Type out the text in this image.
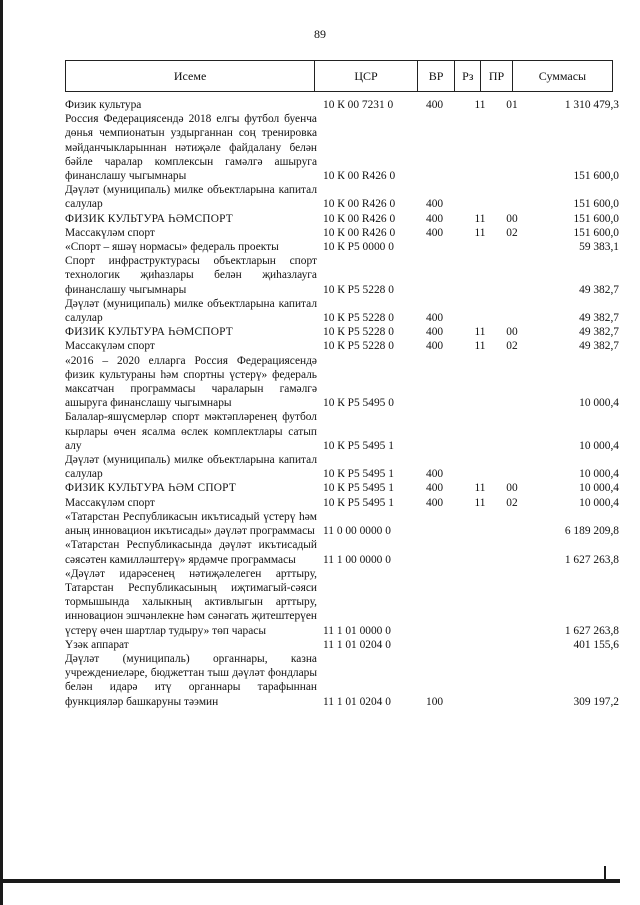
89
Исеме	ЦСР	ВР	Рз	ПР	Суммасы
Физик культура	10 К 00 7231 0	400	11	01	1 310 479,3
Россия Федерациясендә 2018 елгы футбол буенча дөнья чемпионатын уздырганнан соң тренировка мәйданчыкларыннан нәтиҗәле файдалану белән бәйле чаралар комплексын гамәлгә ашыруга финанслашу чыгымнары	10 К 00 R426 0				151 600,0
Дәүләт (муниципаль) милке объектларына капитал салулар	10 К 00 R426 0	400			151 600,0
ФИЗИК КУЛЬТУРА ҺӘМСПОРТ	10 К 00 R426 0	400	11	00	151 600,0
Массакүләм спорт	10 К 00 R426 0	400	11	02	151 600,0
«Спорт – яшәү нормасы» федераль проекты	10 К Р5 0000 0				59 383,1
Спорт инфраструктурасы объектларын спорт технологик җиһазлары белән җиһазлауга финанслашу чыгымнары	10 К Р5 5228 0				49 382,7
Дәүләт (муниципаль) милке объектларына капитал салулар	10 К Р5 5228 0	400			49 382,7
ФИЗИК КУЛЬТУРА ҺӘМСПОРТ	10 К Р5 5228 0	400	11	00	49 382,7
Массакүләм спорт	10 К Р5 5228 0	400	11	02	49 382,7
«2016 – 2020 елларга Россия Федерациясендә физик культураны һәм спортны үстерү» федераль максатчан программасы чараларын гамәлгә ашыруга финанслашу чыгымнары	10 К Р5 5495 0				10 000,4
Балалар-яшүсмерләр спорт мәктәпләренең футбол кырлары өчен ясалма өслек комплектлары сатып алу	10 К Р5 5495 1				10 000,4
Дәүләт (муниципаль) милке объектларына капитал салулар	10 К Р5 5495 1	400			10 000,4
ФИЗИК КУЛЬТУРА ҺӘМ СПОРТ	10 К Р5 5495 1	400	11	00	10 000,4
Массакүләм спорт	10 К Р5 5495 1	400	11	02	10 000,4
«Татарстан Республикасын икътисадый үстерү һәм аның инновацион икътисады» дәүләт программасы	11 0 00 0000 0				6 189 209,8
«Татарстан Республикасында дәүләт икътисадый сәясәтен камилләштерү» ярдәмче программасы	11 1 00 0000 0				1 627 263,8
«Дәүләт идарәсенең нәтиҗәлелеген арттыру, Татарстан Республикасының иҗтимагый-сәяси тормышында халыкның активлыгын арттыру, инновацион эшчәнлекне һәм сәнәгать җитештерүен үстерү өчен шартлар тудыру» төп чарасы	11 1 01 0000 0				1 627 263,8
Үзәк аппарат	11 1 01 0204 0				401 155,6
Дәүләт (муниципаль) органнары, казна учреждениеләре, бюджеттан тыш дәүләт фондлары белән идарә итү органнары тарафыннан функцияләр башкаруны тәэмин	11 1 01 0204 0	100			309 197,2
